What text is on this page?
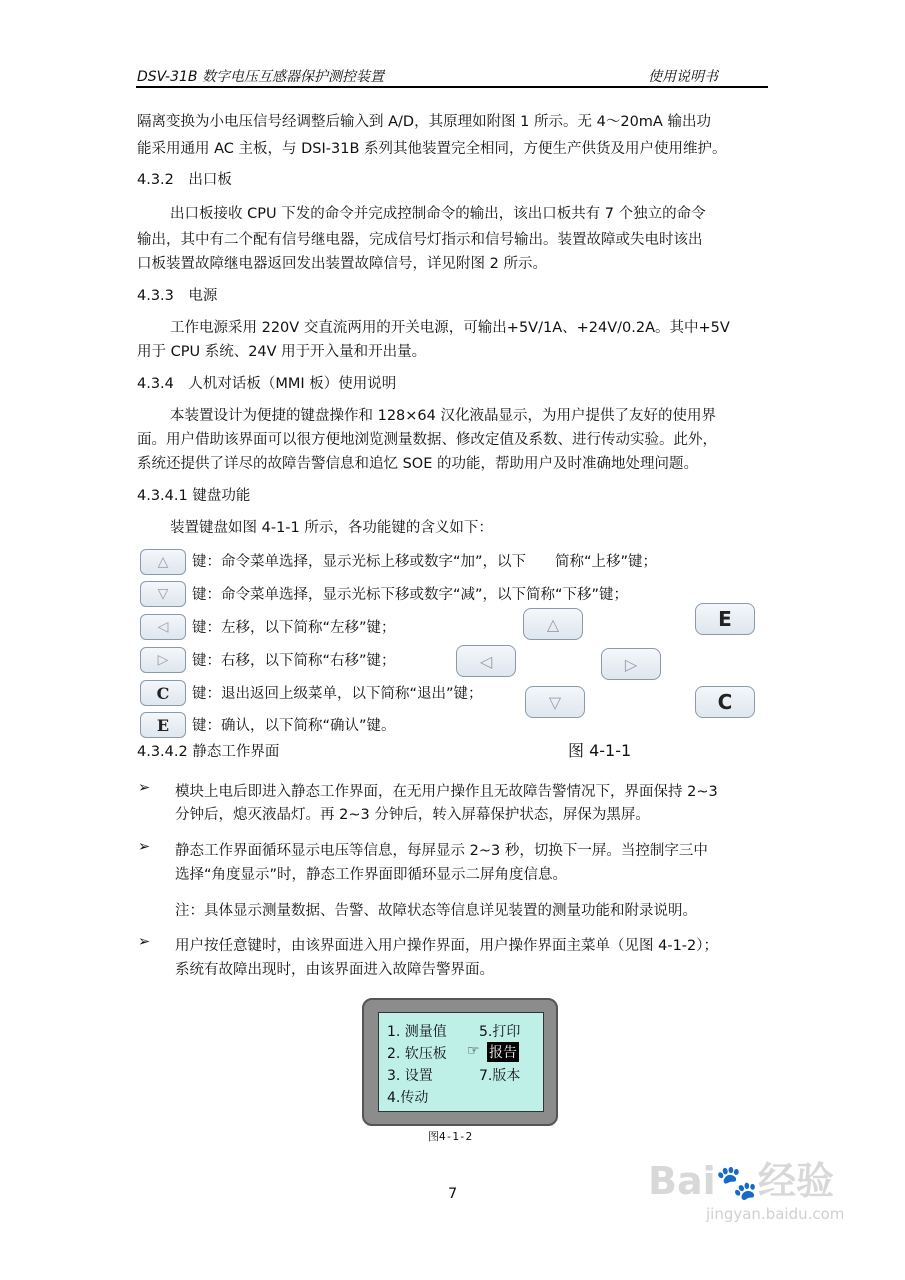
DSV-31B 数字电压互感器保护测控装置	使用说明书
隔离变换为小电压信号经调整后输入到 A/D，其原理如附图 1 所示。无 4～20mA 输出功
能采用通用 AC 主板，与 DSI-31B 系列其他装置完全相同，方便生产供货及用户使用维护。
4.3.2　出口板
出口板接收 CPU 下发的命令并完成控制命令的输出，该出口板共有 7 个独立的命令
输出，其中有二个配有信号继电器，完成信号灯指示和信号输出。装置故障或失电时该出
口板装置故障继电器返回发出装置故障信号，详见附图 2 所示。
4.3.3　电源
工作电源采用 220V 交直流两用的开关电源，可输出+5V/1A、+24V/0.2A。其中+5V
用于 CPU 系统、24V 用于开入量和开出量。
4.3.4　人机对话板（MMI 板）使用说明
本装置设计为便捷的键盘操作和 128×64 汉化液晶显示，为用户提供了友好的使用界
面。用户借助该界面可以很方便地浏览测量数据、修改定值及系数、进行传动实验。此外，
系统还提供了详尽的故障告警信息和追忆 SOE 的功能，帮助用户及时准确地处理问题。
4.3.4.1 键盘功能
装置键盘如图 4-1-1 所示，各功能键的含义如下：
△	键：命令菜单选择，显示光标上移或数字“加”，以下　　简称“上移”键；
▽	键：命令菜单选择，显示光标下移或数字“减”，以下简称“下移”键；
◁	键：左移，以下简称“左移”键；
▷	键：右移，以下简称“右移”键；
C	键：退出返回上级菜单，以下简称“退出”键；
E	键：确认，以下简称“确认”键。
△	E
◁	▷
▽	C
图 4-1-1
4.3.4.2 静态工作界面
➢ 模块上电后即进入静态工作界面，在无用户操作且无故障告警情况下，界面保持 2~3
分钟后，熄灭液晶灯。再 2~3 分钟后，转入屏幕保护状态，屏保为黑屏。
➢ 静态工作界面循环显示电压等信息，每屏显示 2~3 秒，切换下一屏。当控制字三中
选择“角度显示”时，静态工作界面即循环显示二屏角度信息。
注：具体显示测量数据、告警、故障状态等信息详见装置的测量功能和附录说明。
➢ 用户按任意键时，由该界面进入用户操作界面，用户操作界面主菜单（见图 4-1-2）；
系统有故障出现时，由该界面进入故障告警界面。
1. 测量值
2. 软压板
3. 设置
4.传动
5.打印
☞ 报告
7.版本
图4-1-2
7	Bai🐾经验
jingyan.baidu.com
